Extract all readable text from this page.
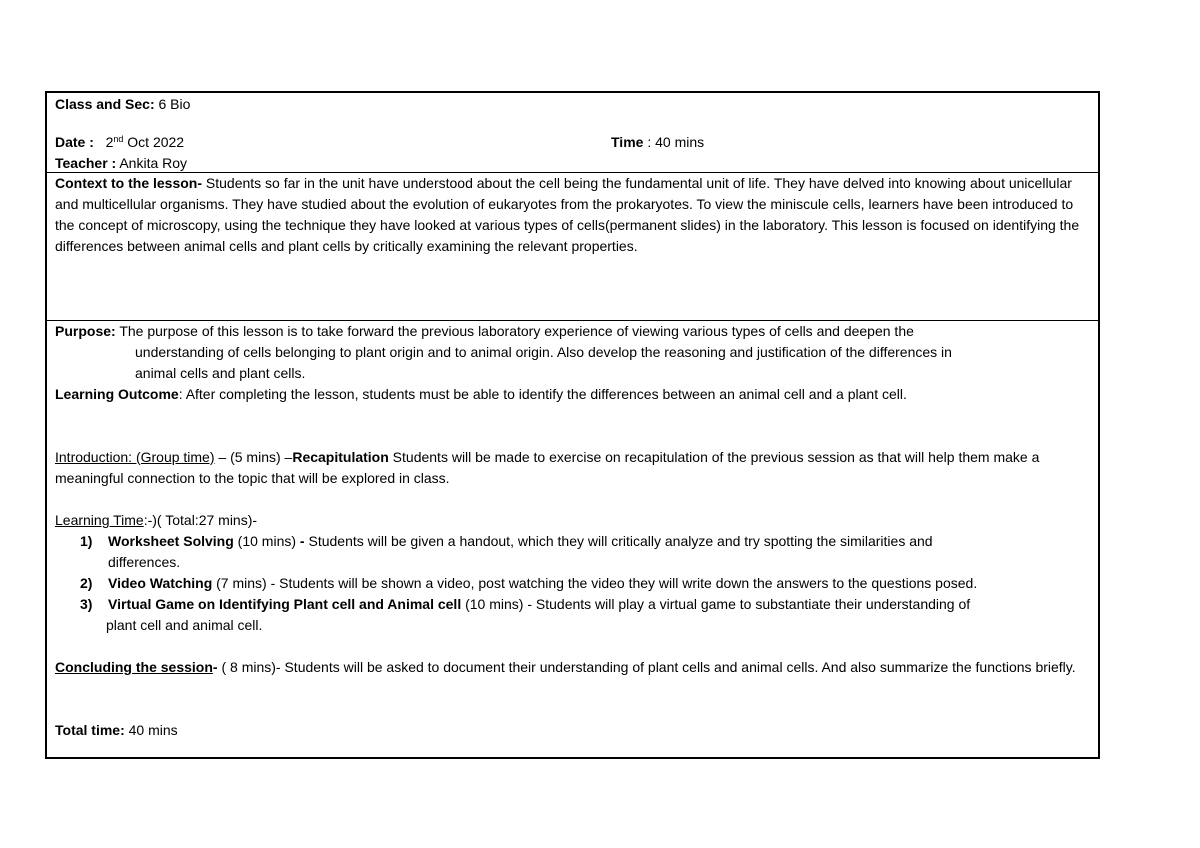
Class and Sec: 6 Bio
Date : 2nd Oct 2022	Time : 40 mins
Teacher : Ankita Roy

Context to the lesson- Students so far in the unit have understood about the cell being the fundamental unit of life. They have delved into knowing about unicellular and multicellular organisms. They have studied about the evolution of eukaryotes from the prokaryotes. To view the miniscule cells, learners have been introduced to the concept of microscopy, using the technique they have looked at various types of cells(permanent slides) in the laboratory. This lesson is focused on identifying the differences between animal cells and plant cells by critically examining the relevant properties.

Purpose: The purpose of this lesson is to take forward the previous laboratory experience of viewing various types of cells and deepen the

understanding of cells belonging to plant origin and to animal origin. Also develop the reasoning and justification of the differences in

animal cells and plant cells.

Learning Outcome: After completing the lesson, students must be able to identify the differences between an animal cell and a plant cell.

Introduction: (Group time) – (5 mins) –Recapitulation Students will be made to exercise on recapitulation of the previous session as that will help them make a meaningful connection to the topic that will be explored in class.

Learning Time:-)( Total:27 mins)-

1) Worksheet Solving (10 mins) - Students will be given a handout, which they will critically analyze and try spotting the similarities and

differences.

2) Video Watching (7 mins) - Students will be shown a video, post watching the video they will write down the answers to the questions posed.

3) Virtual Game on Identifying Plant cell and Animal cell (10 mins) - Students will play a virtual game to substantiate their understanding of

plant cell and animal cell.

Concluding the session- ( 8 mins)- Students will be asked to document their understanding of plant cells and animal cells. And also summarize the functions briefly.

Total time: 40 mins
